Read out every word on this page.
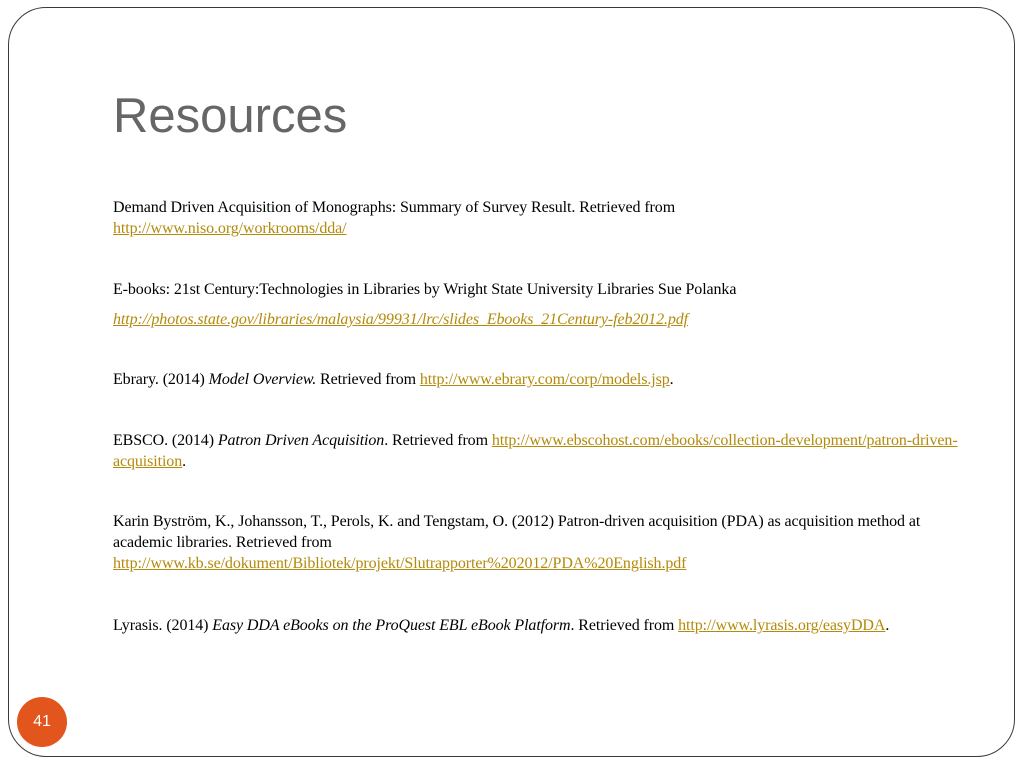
Resources

Demand Driven Acquisition of Monographs: Summary of Survey Result. Retrieved from
http://www.niso.org/workrooms/dda/

E-books: 21st Century:Technologies in Libraries by Wright State University Libraries Sue Polanka

http://photos.state.gov/libraries/malaysia/99931/lrc/slides_Ebooks_21Century-feb2012.pdf

Ebrary. (2014) Model Overview. Retrieved from http://www.ebrary.com/corp/models.jsp.

EBSCO. (2014) Patron Driven Acquisition. Retrieved from http://www.ebscohost.com/ebooks/collection-development/patron-driven-acquisition.

Karin Byström, K., Johansson, T., Perols, K. and Tengstam, O. (2012) Patron-driven acquisition (PDA) as acquisition method at academic libraries. Retrieved from
http://www.kb.se/dokument/Bibliotek/projekt/Slutrapporter%202012/PDA%20English.pdf

Lyrasis. (2014) Easy DDA eBooks on the ProQuest EBL eBook Platform. Retrieved from http://www.lyrasis.org/easyDDA.

41
